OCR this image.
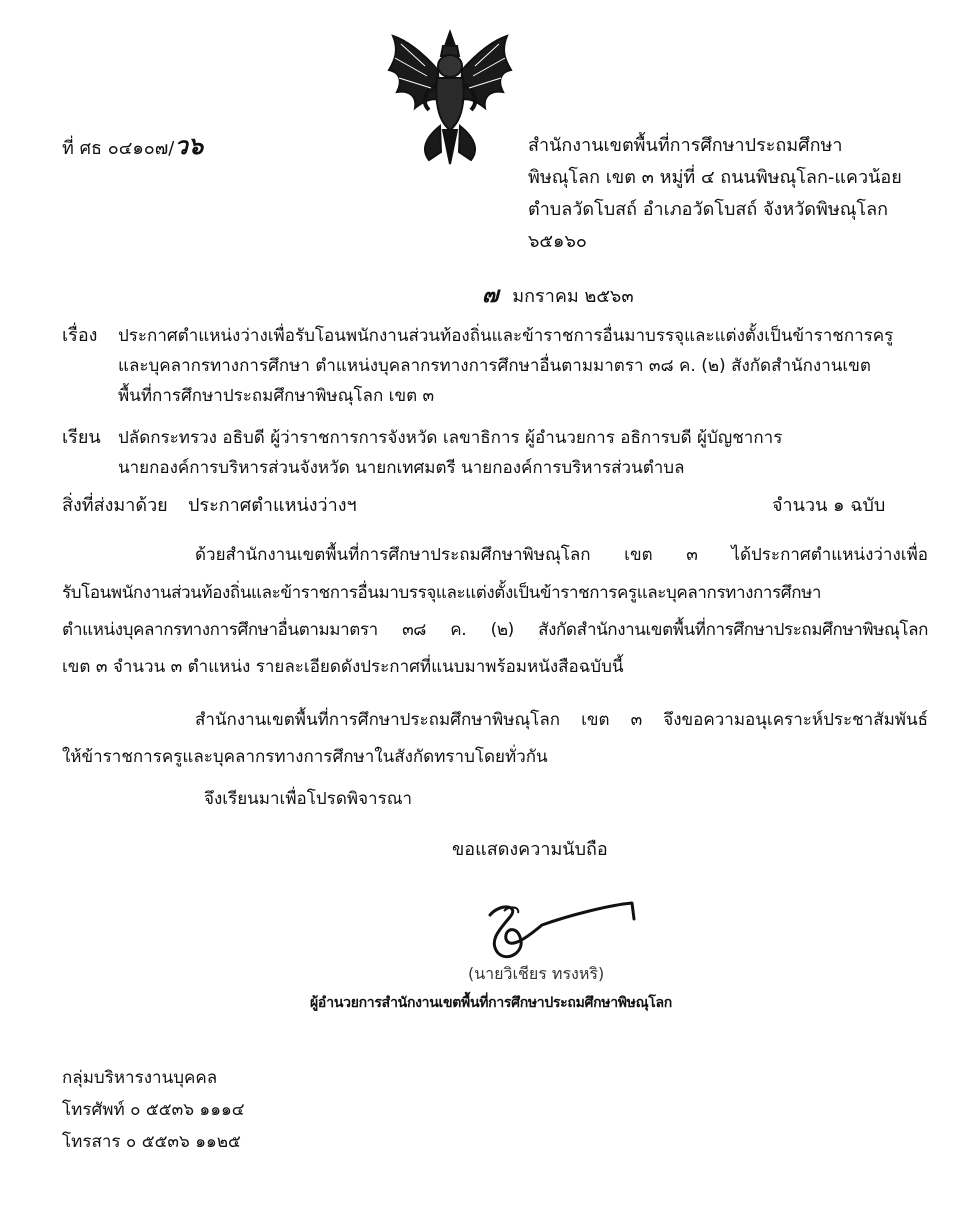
ที่ ศธ ๐๔๑๐๗/ว๖	สำนักงานเขตพื้นที่การศึกษาประถมศึกษา
พิษณุโลก เขต ๓ หมู่ที่ ๔ ถนนพิษณุโลก-แควน้อย
ตำบลวัดโบสถ์ อำเภอวัดโบสถ์ จังหวัดพิษณุโลก
๖๕๑๖๐
๗ มกราคม ๒๕๖๓
เรื่อง ประกาศตำแหน่งว่างเพื่อรับโอนพนักงานส่วนท้องถิ่นและข้าราชการอื่นมาบรรจุและแต่งตั้งเป็นข้าราชการครู
และบุคลากรทางการศึกษา ตำแหน่งบุคลากรทางการศึกษาอื่นตามมาตรา ๓๘ ค. (๒) สังกัดสำนักงานเขต
พื้นที่การศึกษาประถมศึกษาพิษณุโลก เขต ๓
เรียน ปลัดกระทรวง อธิบดี ผู้ว่าราชการการจังหวัด เลขาธิการ ผู้อำนวยการ อธิการบดี ผู้บัญชาการ
นายกองค์การบริหารส่วนจังหวัด นายกเทศมตรี นายกองค์การบริหารส่วนตำบล
สิ่งที่ส่งมาด้วย ประกาศตำแหน่งว่างฯ	จำนวน ๑ ฉบับ
ด้วยสำนักงานเขตพื้นที่การศึกษาประถมศึกษาพิษณุโลก เขต ๓ ได้ประกาศตำแหน่งว่างเพื่อ
รับโอนพนักงานส่วนท้องถิ่นและข้าราชการอื่นมาบรรจุและแต่งตั้งเป็นข้าราชการครูและบุคลากรทางการศึกษา
ตำแหน่งบุคลากรทางการศึกษาอื่นตามมาตรา ๓๘ ค. (๒) สังกัดสำนักงานเขตพื้นที่การศึกษาประถมศึกษาพิษณุโลก
เขต ๓ จำนวน ๓ ตำแหน่ง รายละเอียดดังประกาศที่แนบมาพร้อมหนังสือฉบับนี้
สำนักงานเขตพื้นที่การศึกษาประถมศึกษาพิษณุโลก เขต ๓ จึงขอความอนุเคราะห์ประชาสัมพันธ์
ให้ข้าราชการครูและบุคลากรทางการศึกษาในสังกัดทราบโดยทั่วกัน
จึงเรียนมาเพื่อโปรดพิจารณา
ขอแสดงความนับถือ
(นายวิเชียร ทรงหริ)
ผู้อำนวยการสำนักงานเขตพื้นที่การศึกษาประถมศึกษาพิษณุโลก
กลุ่มบริหารงานบุคคล
โทรศัพท์ ๐ ๕๕๓๖ ๑๑๑๔
โทรสาร ๐ ๕๕๓๖ ๑๑๒๕
